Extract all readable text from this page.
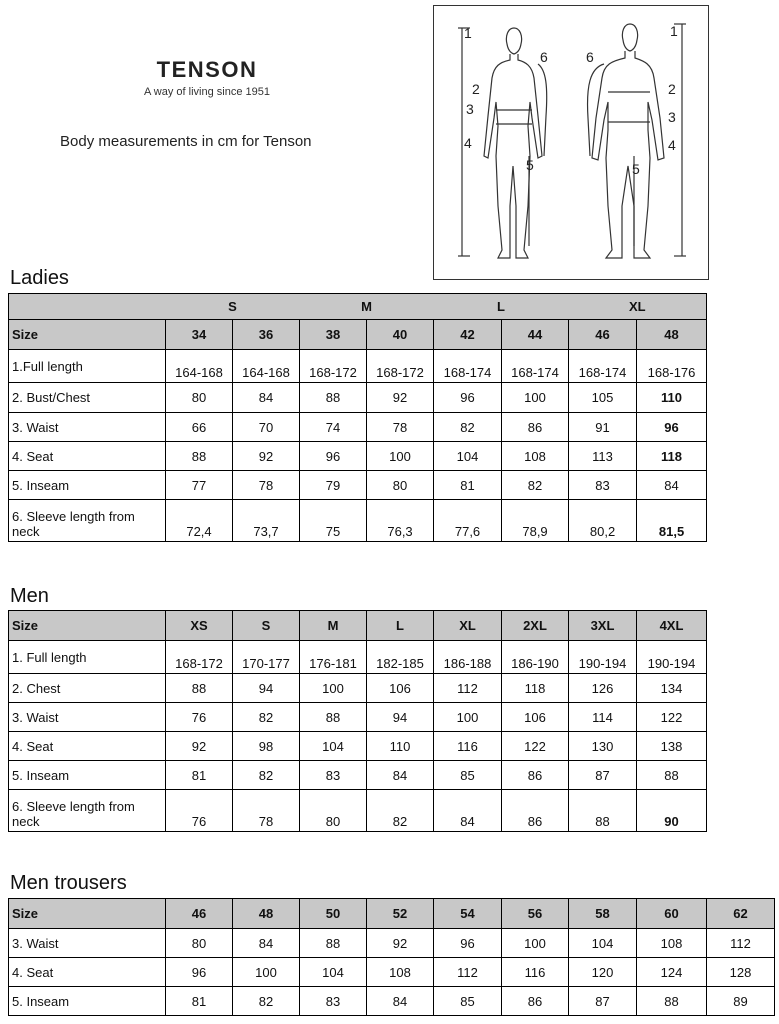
TENSON
A way of living since 1951
Body measurements in cm for Tenson
1
2
3
4
5
6
1
2
3
4
5
6
Ladies
	S		M		L		XL	
Size	34	36	38	40	42	44	46	48
1.Full length	164-168	164-168	168-172	168-172	168-174	168-174	168-174	168-176
2. Bust/Chest	80	84	88	92	96	100	105	110
3. Waist	66	70	74	78	82	86	91	96
4. Seat	88	92	96	100	104	108	113	118
5. Inseam	77	78	79	80	81	82	83	84

6. Sleeve length from
neck	72,4	73,7	75	76,3	77,6	78,9	80,2	81,5
Men
Size	XS	S	M	L	XL	2XL	3XL	4XL
1. Full length	168-172	170-177	176-181	182-185	186-188	186-190	190-194	190-194
2. Chest	88	94	100	106	112	118	126	134
3. Waist	76	82	88	94	100	106	114	122
4. Seat	92	98	104	110	116	122	130	138
5. Inseam	81	82	83	84	85	86	87	88

6. Sleeve length from
neck	76	78	80	82	84	86	88	90
Men trousers
Size	46	48	50	52	54	56	58	60	62
3. Waist	80	84	88	92	96	100	104	108	112
4. Seat	96	100	104	108	112	116	120	124	128
5. Inseam	81	82	83	84	85	86	87	88	89
